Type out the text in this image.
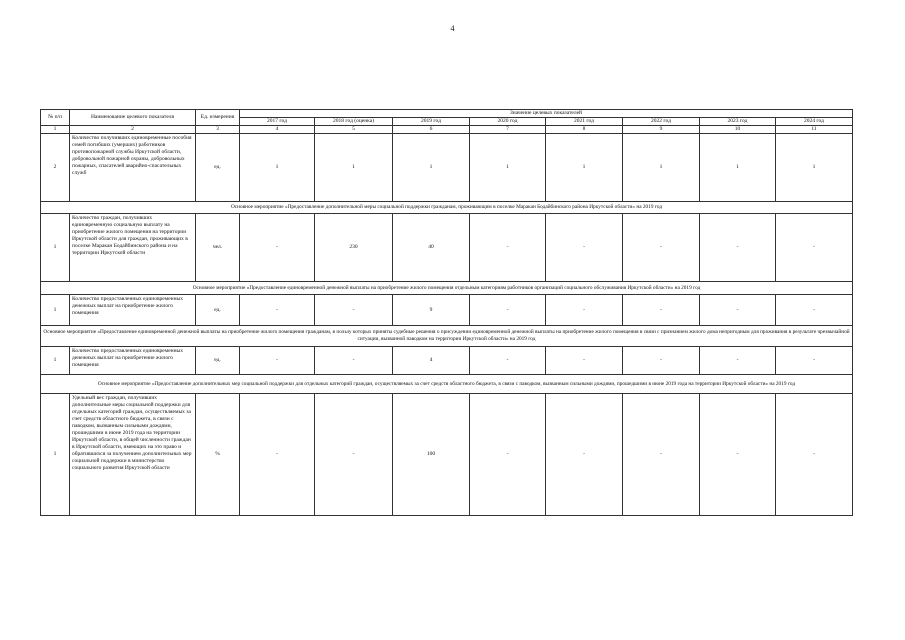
4
№ п/п	Наименование целевого показателя	Ед. измерения	Значение целевых показателей							
			2017 год	2018 год (оценка)	2019 год	2020 год	2021 год	2022 год	2023 год	2024 год
1	2	3	4	5	6	7	8	9	10	11
2	Количество получивших единовременные пособия семей погибших (умерших) работников противопожарной службы Иркутской области, добровольной пожарной охраны, добровольных пожарных, спасателей аварийно-спасательных служб	ед.	1	1	1	1	1	1	1	1
Основное мероприятие «Предоставление дополнительной меры социальной поддержки гражданам, проживающим в поселке Маракан Бодайбинского района Иркутской области» на 2019 год										
1	Количество граждан, получивших единовременную социальную выплату на приобретение жилого помещения на территории Иркутской области для граждан, проживающих в поселке Маракан Бодайбинского района и на территории Иркутской области	чел.	-	230	40	-	-	-	-	-
Основное мероприятие «Предоставление единовременной денежной выплаты на приобретение жилого помещения отдельным категориям работников организаций социального обслуживания Иркутской области» на 2019 год										
1	Количество предоставленных единовременных денежных выплат на приобретение жилого помещения	ед.	-	-	9	-	-	-	-	-
Основное мероприятие «Предоставление единовременной денежной выплаты на приобретение жилого помещения гражданам, в пользу которых приняты судебные решения о присуждении единовременной денежной выплаты на приобретение жилого помещения в связи с признанием жилого дома непригодным для проживания в результате чрезвычайной ситуации, вызванной паводком на территории Иркутской области» на 2019 год										
1	Количество предоставленных единовременных денежных выплат на приобретение жилого помещения	ед.	-	-	4	-	-	-	-	-
Основное мероприятие «Предоставление дополнительных мер социальной поддержки для отдельных категорий граждан, осуществляемых за счет средств областного бюджета, в связи с паводком, вызванным сильными дождями, прошедшими в июне 2019 года на территории Иркутской области» на 2019 год										
1	Удельный вес граждан, получивших дополнительные меры социальной поддержки для отдельных категорий граждан, осуществляемых за счет средств областного бюджета, в связи с паводком, вызванным сильными дождями, прошедшими в июне 2019 года на территории Иркутской области, в общей численности граждан в Иркутской области, имеющих на это право и обратившихся за получением дополнительных мер социальной поддержки в министерство социального развития Иркутской области	%	-	-	100	-	-	-	-	-
